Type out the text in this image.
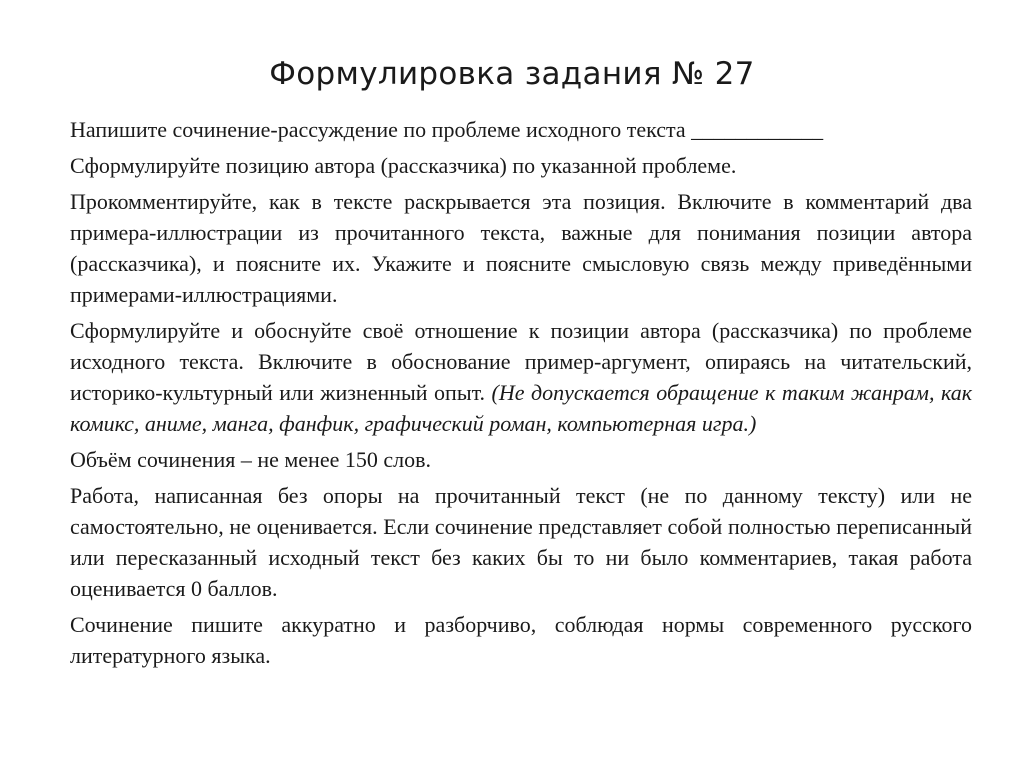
Формулировка задания № 27

Напишите сочинение-рассуждение по проблеме исходного текста ____________

Сформулируйте позицию автора (рассказчика) по указанной проблеме.

Прокомментируйте, как в тексте раскрывается эта позиция. Включите в комментарий два примера-иллюстрации из прочитанного текста, важные для понимания позиции автора (рассказчика), и поясните их. Укажите и поясните смысловую связь между приведёнными примерами-иллюстрациями.

Сформулируйте и обоснуйте своё отношение к позиции автора (рассказчика) по проблеме исходного текста. Включите в обоснование пример-аргумент, опираясь на читательский, историко-культурный или жизненный опыт. (Не допускается обращение к таким жанрам, как комикс, аниме, манга, фанфик, графический роман, компьютерная игра.)

Объём сочинения – не менее 150 слов.

Работа, написанная без опоры на прочитанный текст (не по данному тексту) или не самостоятельно, не оценивается. Если сочинение представляет собой полностью переписанный или пересказанный исходный текст без каких бы то ни было комментариев, такая работа оценивается 0 баллов.

Сочинение пишите аккуратно и разборчиво, соблюдая нормы современного русского литературного языка.
